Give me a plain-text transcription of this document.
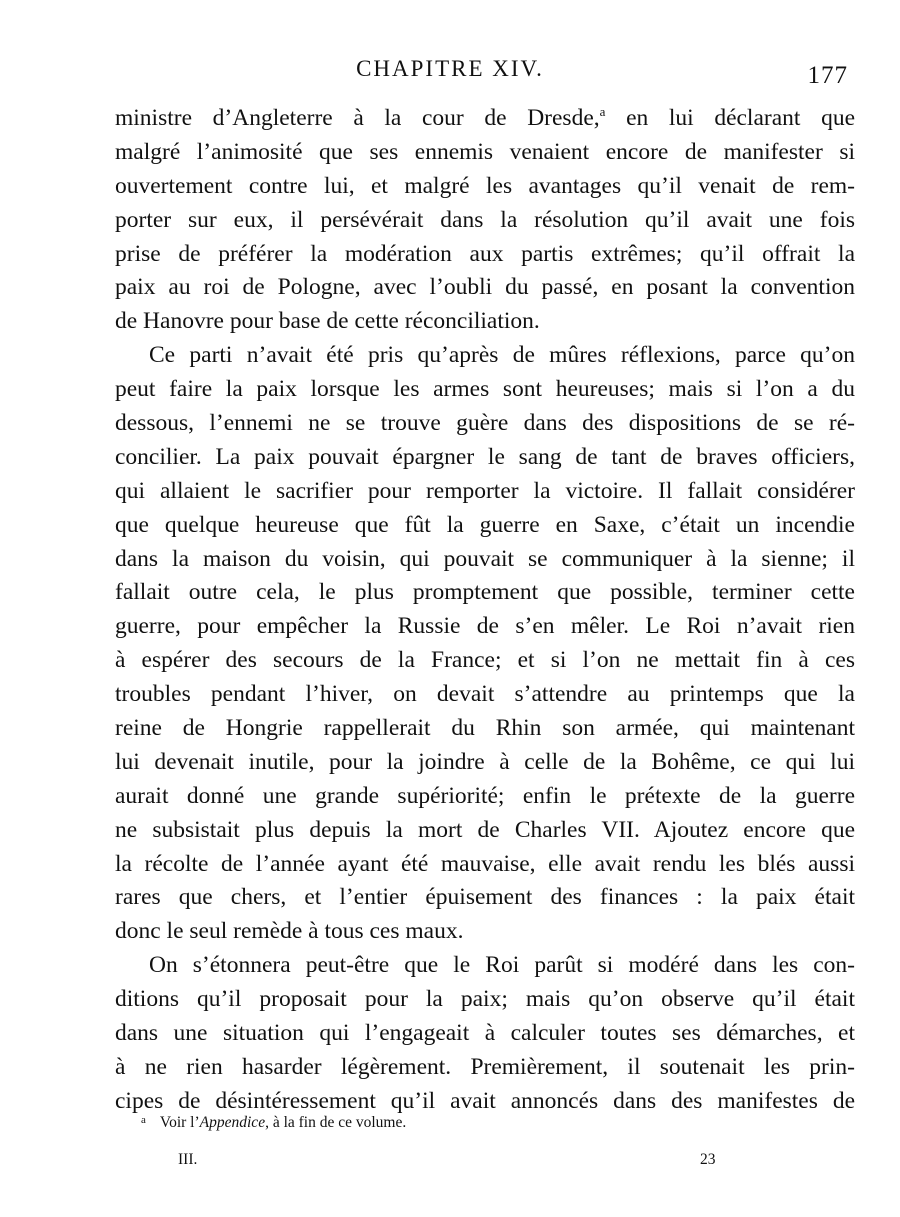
CHAPITRE XIV.	177
ministre d’Angleterre à la cour de Dresde,$^a$ en lui déclarant que
malgré l’animosité que ses ennemis venaient encore de manifester si
ouvertement contre lui, et malgré les avantages qu’il venait de rem-
porter sur eux, il persévérait dans la résolution qu’il avait une fois
prise de préférer la modération aux partis extrêmes; qu’il offrait la
paix au roi de Pologne, avec l’oubli du passé, en posant la convention
de Hanovre pour base de cette réconciliation.
Ce parti n’avait été pris qu’après de mûres réflexions, parce qu’on
peut faire la paix lorsque les armes sont heureuses; mais si l’on a du
dessous, l’ennemi ne se trouve guère dans des dispositions de se ré-
concilier. La paix pouvait épargner le sang de tant de braves officiers,
qui allaient le sacrifier pour remporter la victoire. Il fallait considérer
que quelque heureuse que fût la guerre en Saxe, c’était un incendie
dans la maison du voisin, qui pouvait se communiquer à la sienne; il
fallait outre cela, le plus promptement que possible, terminer cette
guerre, pour empêcher la Russie de s’en mêler. Le Roi n’avait rien
à espérer des secours de la France; et si l’on ne mettait fin à ces
troubles pendant l’hiver, on devait s’attendre au printemps que la
reine de Hongrie rappellerait du Rhin son armée, qui maintenant
lui devenait inutile, pour la joindre à celle de la Bohême, ce qui lui
aurait donné une grande supériorité; enfin le prétexte de la guerre
ne subsistait plus depuis la mort de Charles VII. Ajoutez encore que
la récolte de l’année ayant été mauvaise, elle avait rendu les blés aussi
rares que chers, et l’entier épuisement des finances : la paix était
donc le seul remède à tous ces maux.
On s’étonnera peut-être que le Roi parût si modéré dans les con-
ditions qu’il proposait pour la paix; mais qu’on observe qu’il était
dans une situation qui l’engageait à calculer toutes ses démarches, et
à ne rien hasarder légèrement. Premièrement, il soutenait les prin-
cipes de désintéressement qu’il avait annoncés dans des manifestes de
$^a$ Voir l’Appendice, à la fin de ce volume.
III.	23
